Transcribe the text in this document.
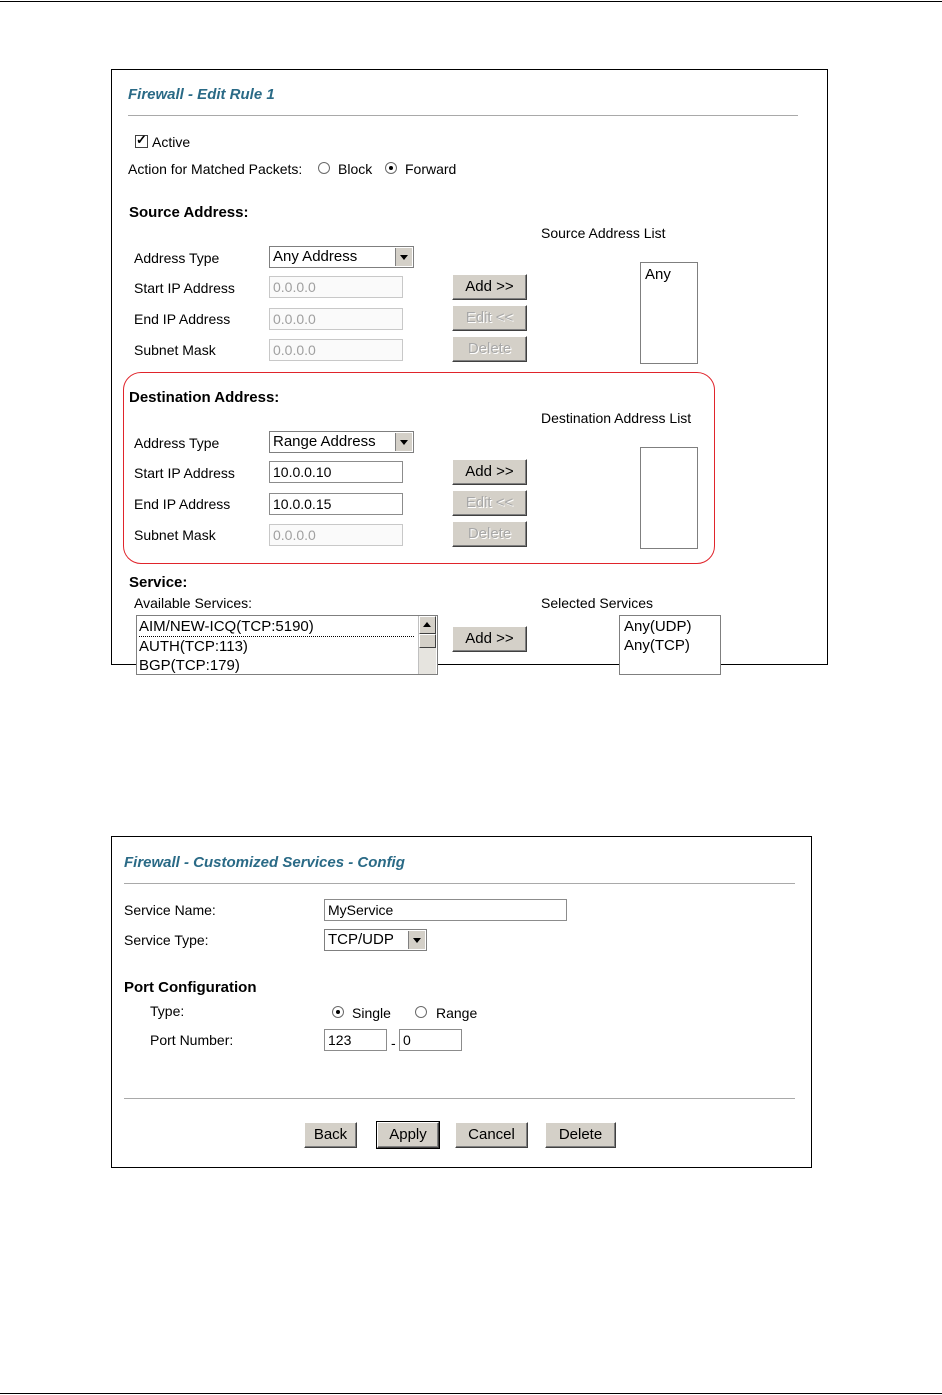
Firewall - Edit Rule 1
✓
Active
Action for Matched Packets:	Block Forward
Source Address:
Source Address List
Address Type	Any Address
Start IP Address	0.0.0.0	Add >>
End IP Address	0.0.0.0	Edit <<
Subnet Mask	0.0.0.0	Delete
Any
Destination Address:
Destination Address List
Address Type	Range Address
Start IP Address	10.0.0.10	Add >>
End IP Address	10.0.0.15	Edit <<
Subnet Mask	0.0.0.0	Delete
Service:
Available Services:	Selected Services
AIM/NEW-ICQ(TCP:5190)
AUTH(TCP:113)
BGP(TCP:179)
Add >>
Any(UDP)
Any(TCP)
Firewall - Customized Services - Config
Service Name:	MyService
Service Type:	TCP/UDP
Port Configuration
Type:	Single	Range
Port Number:	123	- 0
Back	Apply	Cancel	Delete
